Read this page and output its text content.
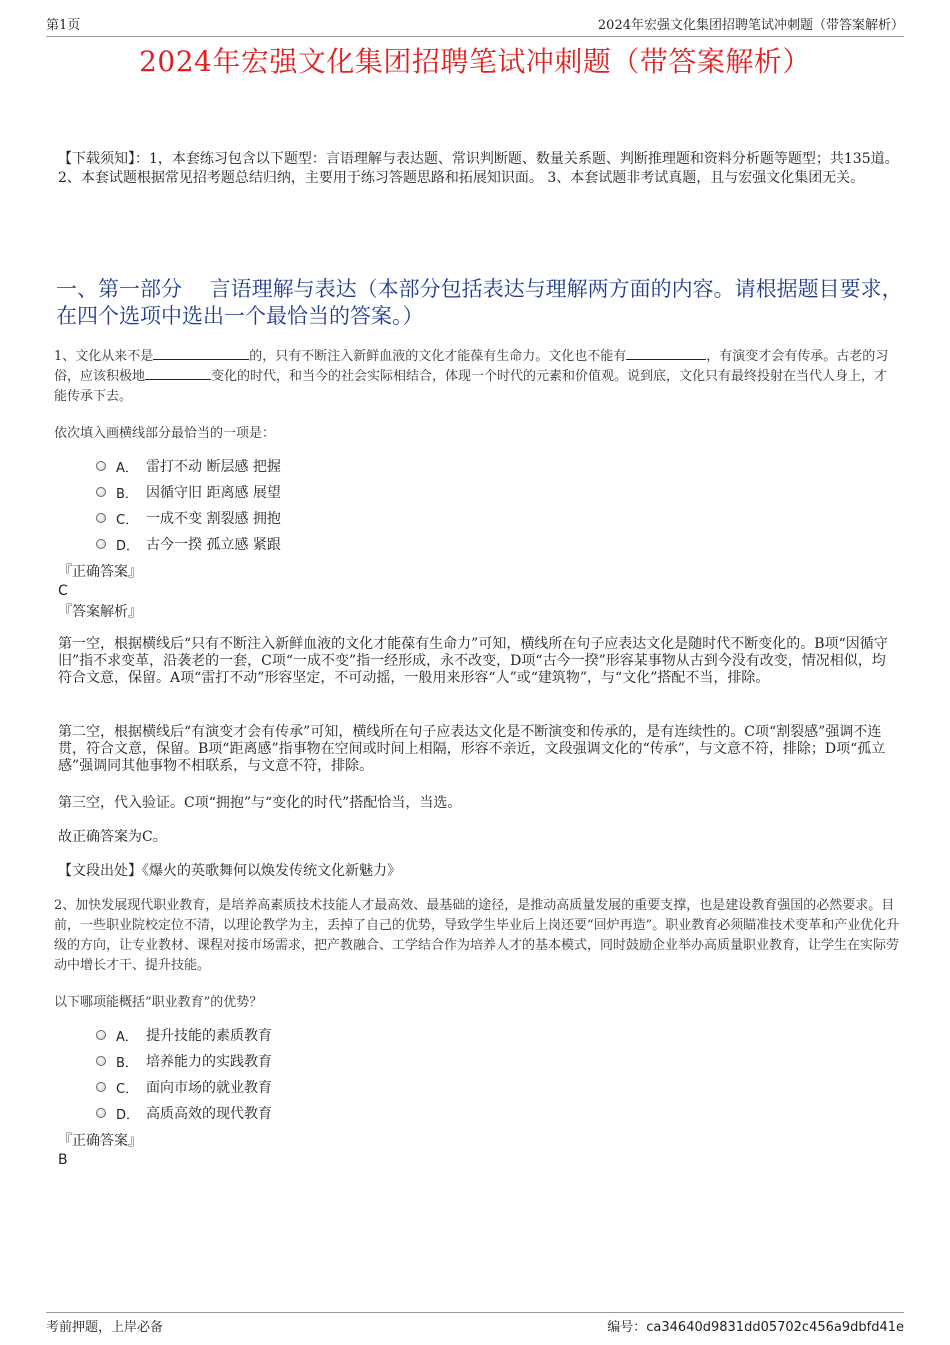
第1页	2024年宏强文化集团招聘笔试冲刺题（带答案解析）
2024年宏强文化集团招聘笔试冲刺题（带答案解析）
【下载须知】：1，本套练习包含以下题型：言语理解与表达题、常识判断题、数量关系题、判断推理题和资料分析题等题型；共135道。 2、本套试题根据常见招考题总结归纳，主要用于练习答题思路和拓展知识面。 3、本套试题非考试真题，且与宏强文化集团无关。
一、第一部分　 言语理解与表达（本部分包括表达与理解两方面的内容。请根据题目要求，在四个选项中选出一个最恰当的答案。）
1、文化从来不是	的，只有不断注入新鲜血液的文化才能葆有生命力。文化也不能有	，有演变才会有传承。古老的习俗，应该积极地	变化的时代，和当今的社会实际相结合，体现一个时代的元素和价值观。说到底，文化只有最终投射在当代人身上，才能传承下去。
依次填入画横线部分最恰当的一项是：
A． 雷打不动 断层感 把握
B． 因循守旧 距离感 展望
C． 一成不变 割裂感 拥抱
D． 古今一揆 孤立感 紧跟
『正确答案』
C
『答案解析』
第一空，根据横线后“只有不断注入新鲜血液的文化才能葆有生命力”可知，横线所在句子应表达文化是随时代不断变化的。B项“因循守旧”指不求变革，沿袭老的一套，C项“一成不变”指一经形成，永不改变，D项“古今一揆”形容某事物从古到今没有改变，情况相似，均符合文意，保留。A项“雷打不动”形容坚定，不可动摇，一般用来形容“人”或“建筑物”，与“文化”搭配不当，排除。
第二空，根据横线后“有演变才会有传承”可知，横线所在句子应表达文化是不断演变和传承的，是有连续性的。C项“割裂感”强调不连贯，符合文意，保留。B项“距离感”指事物在空间或时间上相隔，形容不亲近，文段强调文化的“传承”，与文意不符，排除；D项“孤立感”强调同其他事物不相联系，与文意不符，排除。
第三空，代入验证。C项“拥抱”与“变化的时代”搭配恰当，当选。
故正确答案为C。
【文段出处】《爆火的英歌舞何以焕发传统文化新魅力》
2、加快发展现代职业教育，是培养高素质技术技能人才最高效、最基础的途径，是推动高质量发展的重要支撑，也是建设教育强国的必然要求。目前，一些职业院校定位不清，以理论教学为主，丢掉了自己的优势，导致学生毕业后上岗还要“回炉再造”。职业教育必须瞄准技术变革和产业优化升级的方向，让专业教材、课程对接市场需求，把产教融合、工学结合作为培养人才的基本模式，同时鼓励企业举办高质量职业教育，让学生在实际劳动中增长才干、提升技能。
以下哪项能概括“职业教育”的优势？
A． 提升技能的素质教育
B． 培养能力的实践教育
C． 面向市场的就业教育
D． 高质高效的现代教育
『正确答案』
B
考前押题，上岸必备	编号：ca34640d9831dd05702c456a9dbfd41e
